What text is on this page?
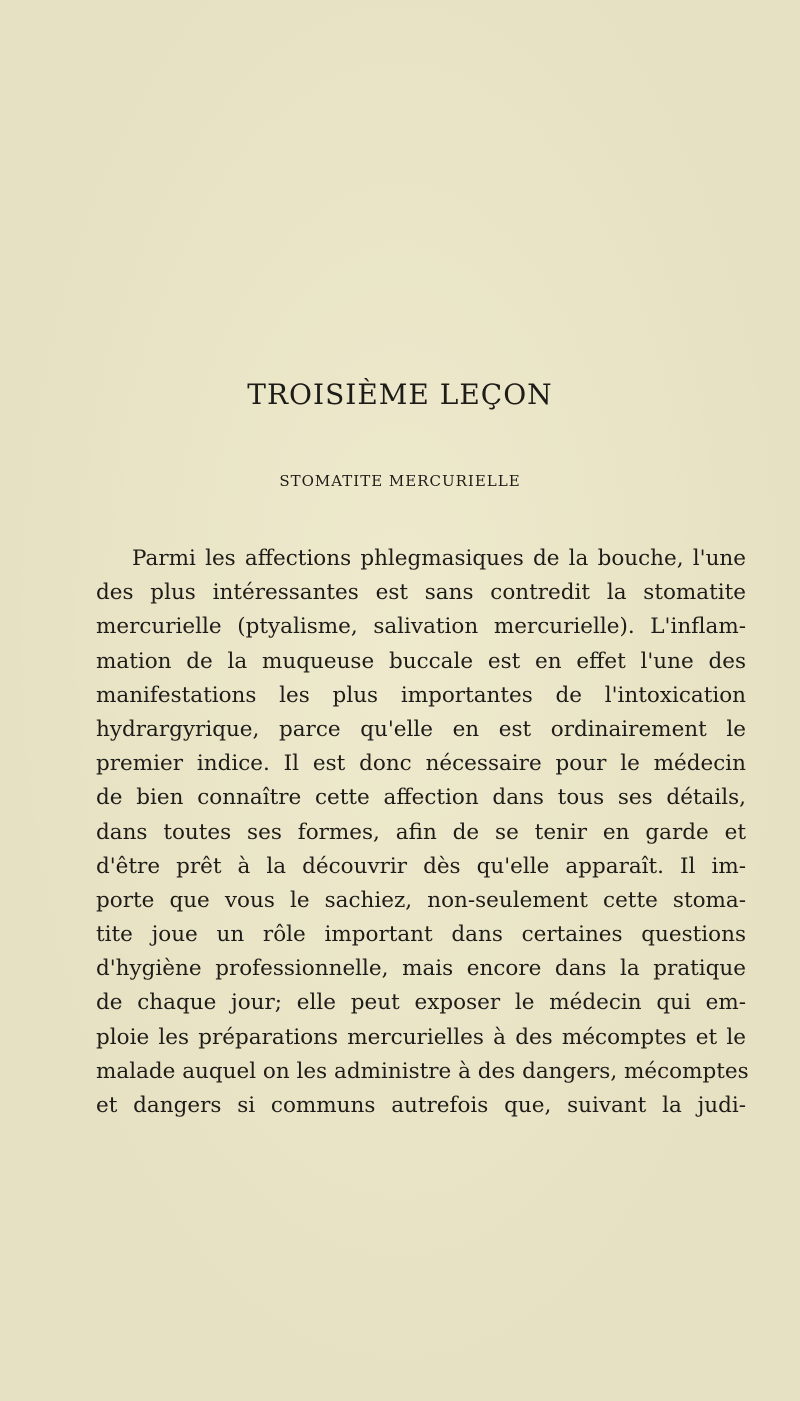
TROISIÈME LEÇON
STOMATITE MERCURIELLE

Parmi les affections phlegmasiques de la bouche, l'une
des plus intéressantes est sans contredit la stomatite
mercurielle (ptyalisme, salivation mercurielle). L'inflam-
mation de la muqueuse buccale est en effet l'une des
manifestations les plus importantes de l'intoxication
hydrargyrique, parce qu'elle en est ordinairement le
premier indice. Il est donc nécessaire pour le médecin
de bien connaître cette affection dans tous ses détails,
dans toutes ses formes, afin de se tenir en garde et
d'être prêt à la découvrir dès qu'elle apparaît. Il im-
porte que vous le sachiez, non-seulement cette stoma-
tite joue un rôle important dans certaines questions
d'hygiène professionnelle, mais encore dans la pratique
de chaque jour; elle peut exposer le médecin qui em-
ploie les préparations mercurielles à des mécomptes et le
malade auquel on les administre à des dangers, mécomptes
et dangers si communs autrefois que, suivant la judi-
